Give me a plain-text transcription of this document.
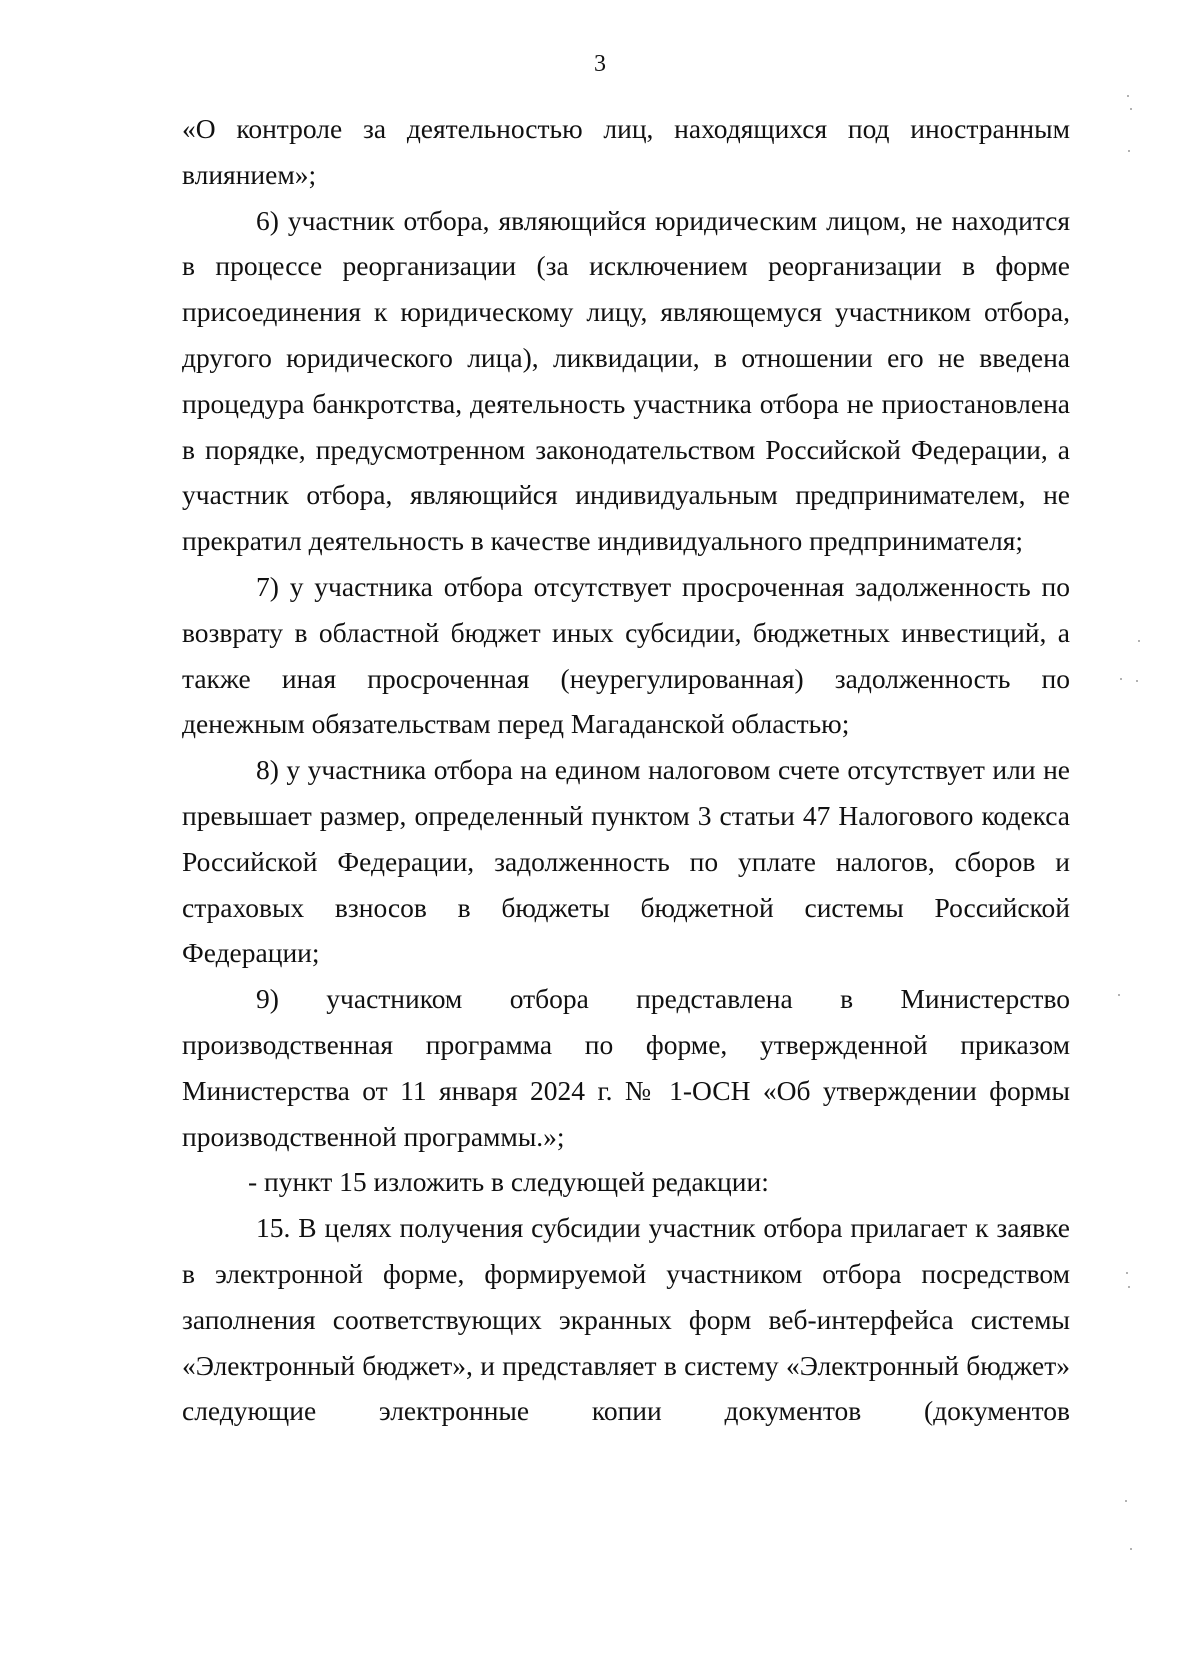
3

«О контроле за деятельностью лиц, находящихся под иностранным влиянием»;

6) участник отбора, являющийся юридическим лицом, не находится в процессе реорганизации (за исключением реорганизации в форме присоединения к юридическому лицу, являющемуся участником отбора, другого юридического лица), ликвидации, в отношении его не введена процедура банкротства, деятельность участника отбора не приостановлена в порядке, предусмотренном законодательством Российской Федерации, а участник отбора, являющийся индивидуальным предпринимателем, не прекратил деятельность в качестве индивидуального предпринимателя;

7) у участника отбора отсутствует просроченная задолженность по возврату в областной бюджет иных субсидии, бюджетных инвестиций, а также иная просроченная (неурегулированная) задолженность по денежным обязательствам перед Магаданской областью;

8) у участника отбора на едином налоговом счете отсутствует или не превышает размер, определенный пунктом 3 статьи 47 Налогового кодекса Российской Федерации, задолженность по уплате налогов, сборов и страховых взносов в бюджеты бюджетной системы Российской Федерации;

9) участником отбора представлена в Министерство производственная программа по форме, утвержденной приказом Министерства от 11 января 2024 г. № 1-ОСН «Об утверждении формы производственной программы.»;

- пункт 15 изложить в следующей редакции:

15. В целях получения субсидии участник отбора прилагает к заявке в электронной форме, формируемой участником отбора посредством заполнения соответствующих экранных форм веб-интерфейса системы «Электронный бюджет», и представляет в систему «Электронный бюджет» следующие электронные копии документов (документов
